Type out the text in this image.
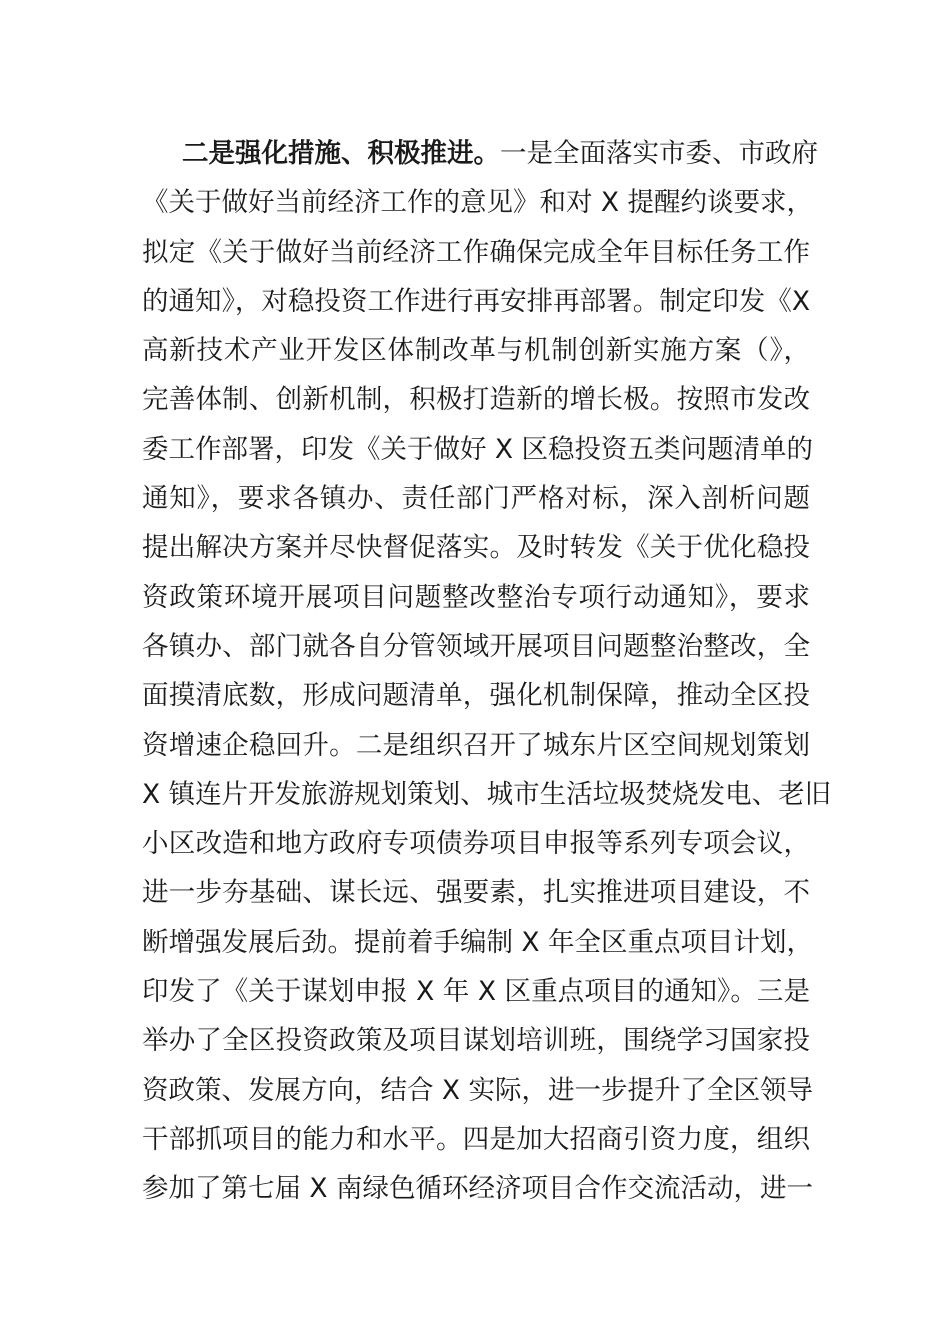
二是强化措施、积极推进。一是全面落实市委、市政府
《关于做好当前经济工作的意见》和对 X 提醒约谈要求，
拟定《关于做好当前经济工作确保完成全年目标任务工作
的通知》，对稳投资工作进行再安排再部署。制定印发《X
高新技术产业开发区体制改革与机制创新实施方案（》，
完善体制、创新机制，积极打造新的增长极。按照市发改
委工作部署，印发《关于做好 X 区稳投资五类问题清单的
通知》，要求各镇办、责任部门严格对标，深入剖析问题
提出解决方案并尽快督促落实。及时转发《关于优化稳投
资政策环境开展项目问题整改整治专项行动通知》，要求
各镇办、部门就各自分管领域开展项目问题整治整改，全
面摸清底数，形成问题清单，强化机制保障，推动全区投
资增速企稳回升。二是组织召开了城东片区空间规划策划
X 镇连片开发旅游规划策划、城市生活垃圾焚烧发电、老旧
小区改造和地方政府专项债券项目申报等系列专项会议，
进一步夯基础、谋长远、强要素，扎实推进项目建设，不
断增强发展后劲。提前着手编制 X 年全区重点项目计划，
印发了《关于谋划申报 X 年 X 区重点项目的通知》。三是
举办了全区投资政策及项目谋划培训班，围绕学习国家投
资政策、发展方向，结合 X 实际，进一步提升了全区领导
干部抓项目的能力和水平。四是加大招商引资力度，组织
参加了第七届 X 南绿色循环经济项目合作交流活动，进一
